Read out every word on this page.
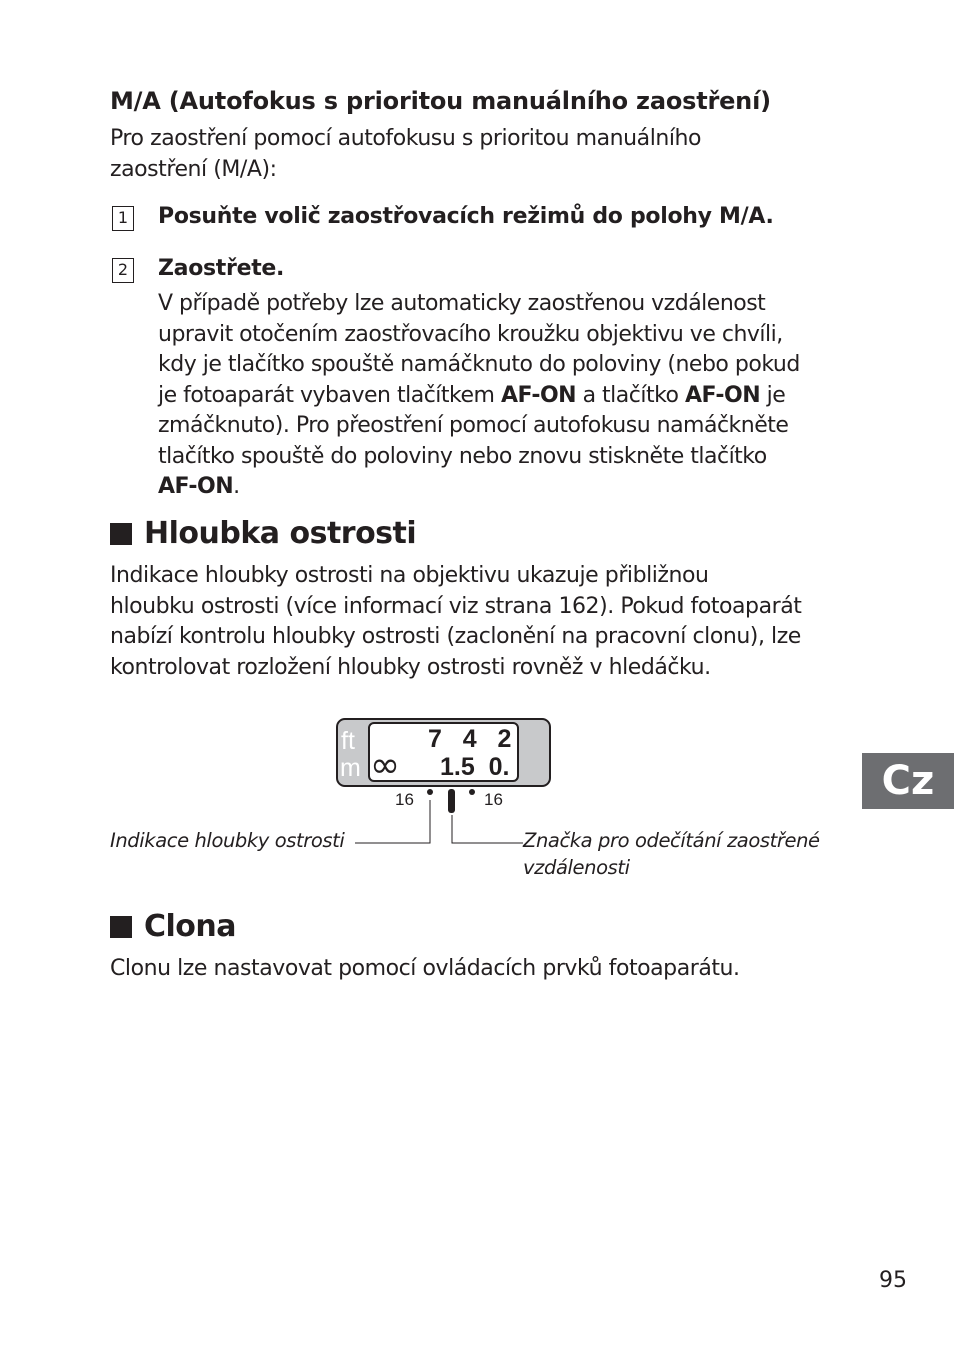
M/A (Autofokus s prioritou manuálního zaostření)
Pro zaostření pomocí autofokusu s prioritou manuálního
zaostření (M/A):
1 Posuňte volič zaostřovacích režimů do polohy M/A.
2 Zaostřete.
V případě potřeby lze automaticky zaostřenou vzdálenost
upravit otočením zaostřovacího kroužku objektivu ve chvíli,
kdy je tlačítko spouště namáčknuto do poloviny (nebo pokud
je fotoaparát vybaven tlačítkem AF-ON a tlačítko AF-ON je
zmáčknuto). Pro přeostření pomocí autofokusu namáčkněte
tlačítko spouště do poloviny nebo znovu stiskněte tlačítko
AF-ON.
Hloubka ostrosti
Indikace hloubky ostrosti na objektivu ukazuje přibližnou
hloubku ostrosti (více informací viz strana 162). Pokud fotoaparát
nabízí kontrolu hloubky ostrosti (zaclonění na pracovní clonu), lze
kontrolovat rozložení hloubky ostrosti rovněž v hledáčku.
ft
m
7   4   2
∞ 1.5  0.
16	16
Indikace hloubky ostrosti	Značka pro odečítání zaostřené
vzdálenosti
Clona
Clonu lze nastavovat pomocí ovládacích prvků fotoaparátu.
Cz
95
